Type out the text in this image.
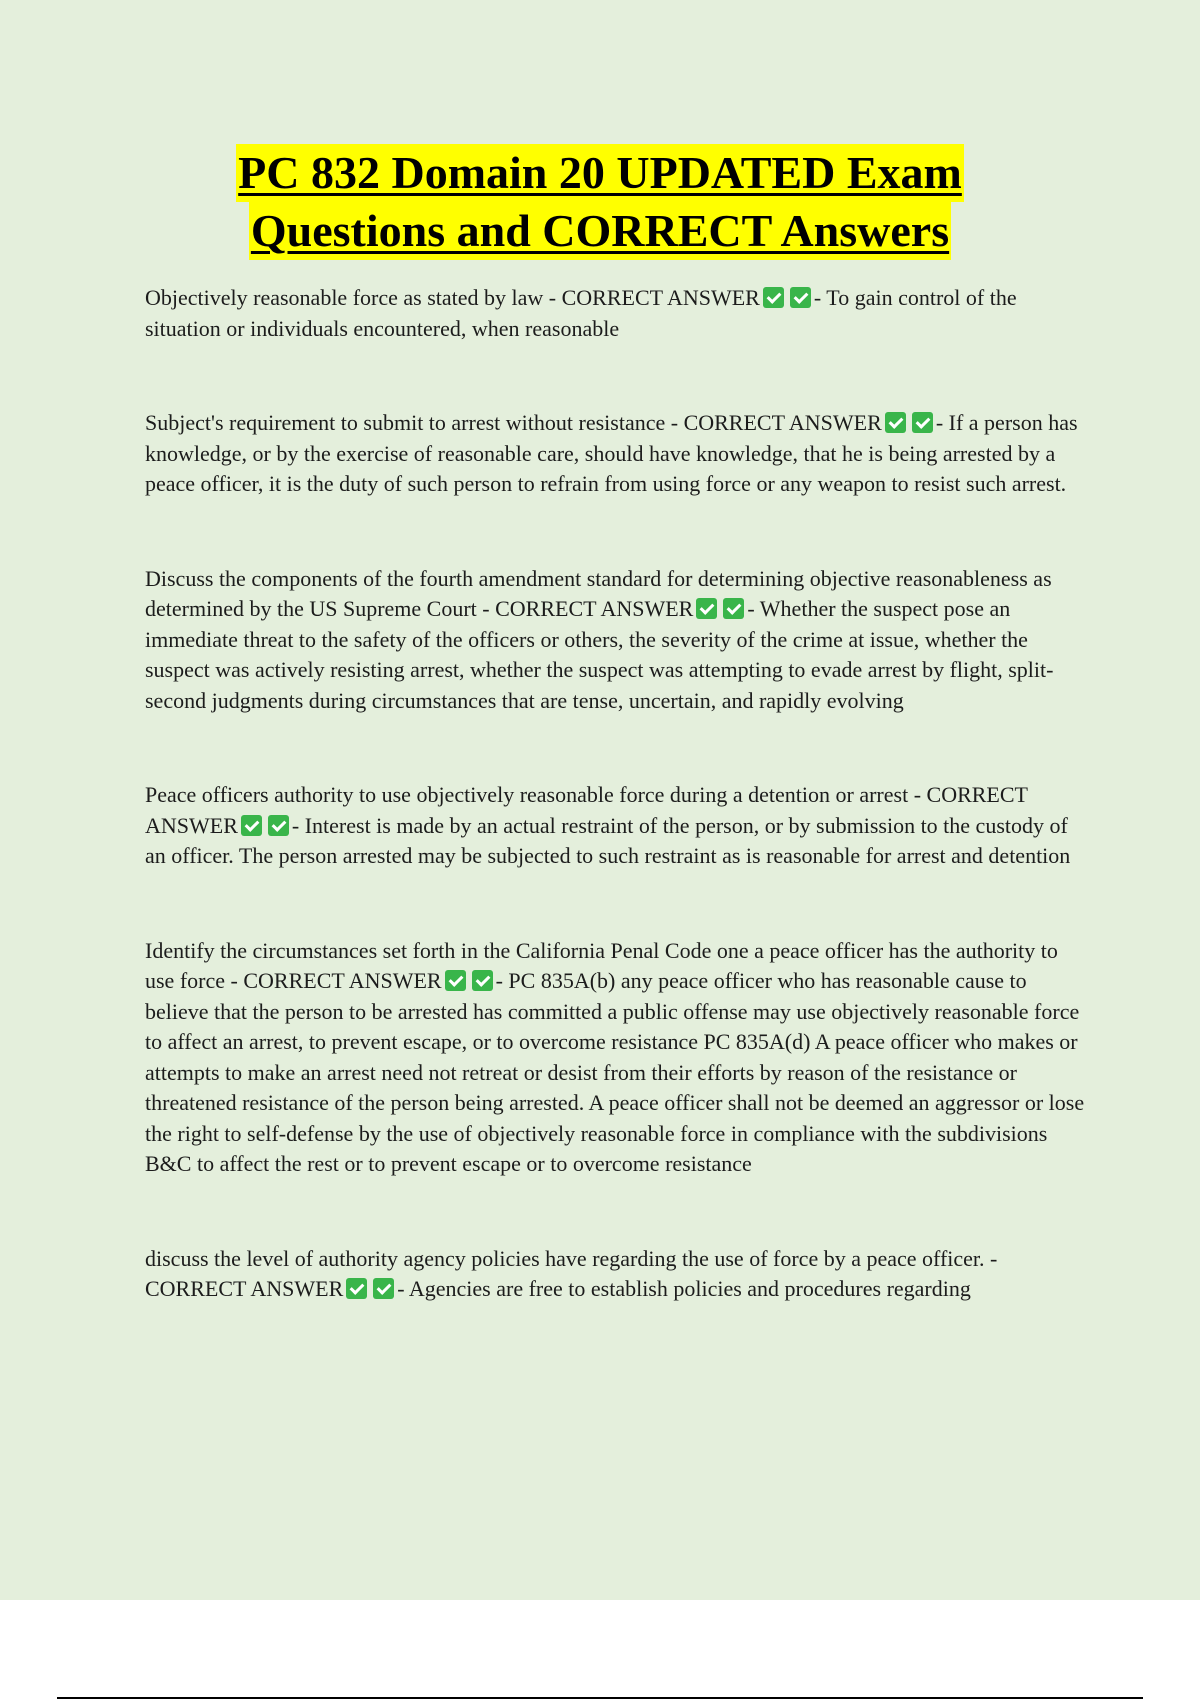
PC 832 Domain 20 UPDATED Exam
Questions and CORRECT Answers

Objectively reasonable force as stated by law - CORRECT ANSWER - To gain control of the situation or individuals encountered, when reasonable

Subject's requirement to submit to arrest without resistance - CORRECT ANSWER - If a person has knowledge, or by the exercise of reasonable care, should have knowledge, that he is being arrested by a peace officer, it is the duty of such person to refrain from using force or any weapon to resist such arrest.

Discuss the components of the fourth amendment standard for determining objective reasonableness as determined by the US Supreme Court - CORRECT ANSWER - Whether the suspect pose an immediate threat to the safety of the officers or others, the severity of the crime at issue, whether the suspect was actively resisting arrest, whether the suspect was attempting to evade arrest by flight, split-second judgments during circumstances that are tense, uncertain, and rapidly evolving

Peace officers authority to use objectively reasonable force during a detention or arrest - CORRECT ANSWER - Interest is made by an actual restraint of the person, or by submission to the custody of an officer. The person arrested may be subjected to such restraint as is reasonable for arrest and detention

Identify the circumstances set forth in the California Penal Code one a peace officer has the authority to use force - CORRECT ANSWER - PC 835A(b) any peace officer who has reasonable cause to believe that the person to be arrested has committed a public offense may use objectively reasonable force to affect an arrest, to prevent escape, or to overcome resistance PC 835A(d) A peace officer who makes or attempts to make an arrest need not retreat or desist from their efforts by reason of the resistance or threatened resistance of the person being arrested. A peace officer shall not be deemed an aggressor or lose the right to self-defense by the use of objectively reasonable force in compliance with the subdivisions B&C to affect the rest or to prevent escape or to overcome resistance

discuss the level of authority agency policies have regarding the use of force by a peace officer. - CORRECT ANSWER - Agencies are free to establish policies and procedures regarding
